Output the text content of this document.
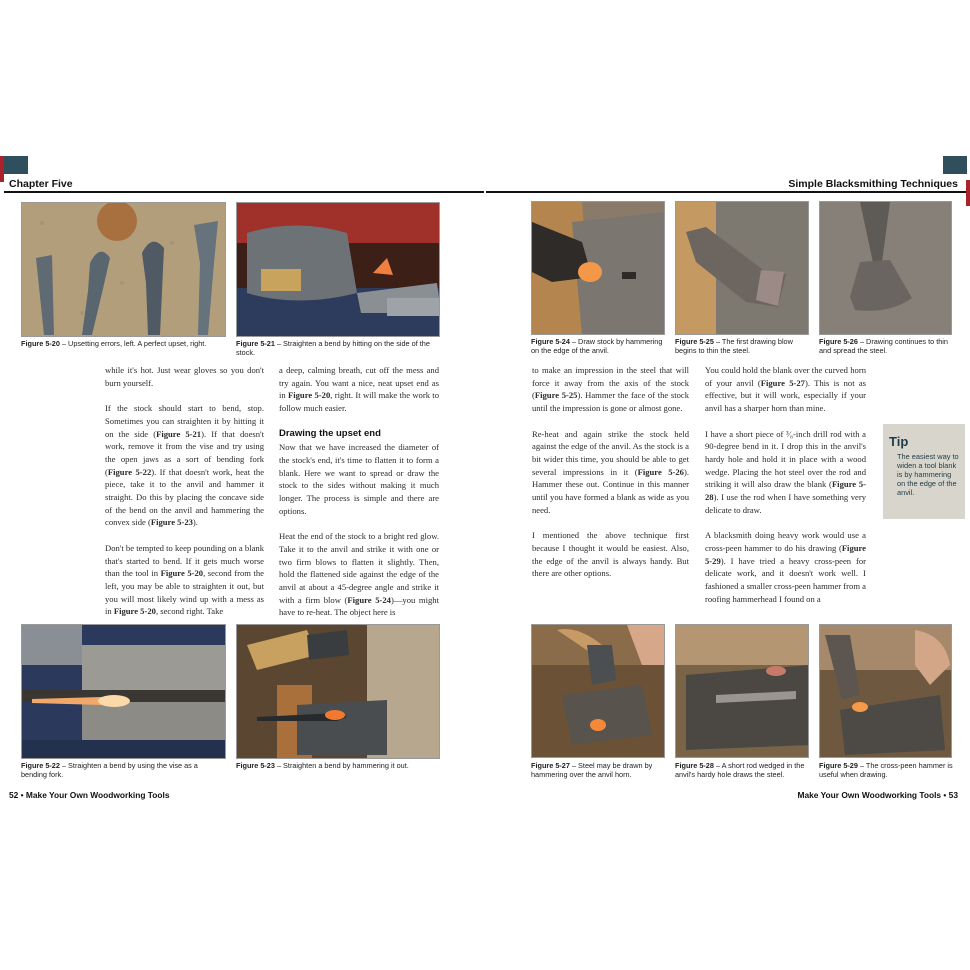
Chapter Five	Simple Blacksmithing Techniques
Figure 5-20 – Upsetting errors, left. A perfect upset, right.	Figure 5-21 – Straighten a bend by hitting on the side of the stock.

while it's hot. Just wear gloves so you don't burn yourself.

If the stock should start to bend, stop. Sometimes you can straighten it by hitting it on the side (Figure 5-21). If that doesn't work, remove it from the vise and try using the open jaws as a sort of bending fork (Figure 5-22). If that doesn't work, heat the piece, take it to the anvil and hammer it straight. Do this by placing the concave side of the bend on the anvil and hammering the convex side (Figure 5-23).

Don't be tempted to keep pounding on a blank that's started to bend. If it gets much worse than the tool in Figure 5-20, second from the left, you may be able to straighten it out, but you will most likely wind up with a mess as in Figure 5-20, second right. Take

a deep, calming breath, cut off the mess and try again. You want a nice, neat upset end as in Figure 5-20, right. It will make the work to follow much easier.

Drawing the upset end

Now that we have increased the diameter of the stock's end, it's time to flatten it to form a blank. Here we want to spread or draw the stock to the sides without making it much longer. The process is simple and there are options.

Heat the end of the stock to a bright red glow. Take it to the anvil and strike it with one or two firm blows to flatten it slightly. Then, hold the flattened side against the edge of the anvil at about a 45-degree angle and strike it with a firm blow (Figure 5-24)—you might have to re-heat. The object here is

Figure 5-22 – Straighten a bend by using the vise as a bending fork.
Figure 5-23 – Straighten a bend by hammering it out.
Figure 5-24 – Draw stock by hammering on the edge of the anvil.
Figure 5-25 – The first drawing blow begins to thin the steel.
Figure 5-26 – Drawing continues to thin and spread the steel.

to make an impression in the steel that will force it away from the axis of the stock (Figure 5-25). Hammer the face of the stock until the impression is gone or almost gone.

Re-heat and again strike the stock held against the edge of the anvil. As the stock is a bit wider this time, you should be able to get several impressions in it (Figure 5-26). Hammer these out. Continue in this manner until you have formed a blank as wide as you need.

I mentioned the above technique first because I thought it would be easiest. Also, the edge of the anvil is always handy. But there are other options.

You could hold the blank over the curved horn of your anvil (Figure 5-27). This is not as effective, but it will work, especially if your anvil has a sharper horn than mine.

I have a short piece of ³⁄₈-inch drill rod with a 90-degree bend in it. I drop this in the anvil's hardy hole and hold it in place with a wood wedge. Placing the hot steel over the rod and striking it will also draw the blank (Figure 5-28). I use the rod when I have something very delicate to draw.

A blacksmith doing heavy work would use a cross-peen hammer to do his drawing (Figure 5-29). I have tried a heavy cross-peen for delicate work, and it doesn't work well. I fashioned a smaller cross-peen hammer from a roofing hammerhead I found on a

Tip
The easiest way to widen a tool blank is by hammering on the edge of the anvil.
Figure 5-27 – Steel may be drawn by hammering over the anvil horn.
Figure 5-28 – A short rod wedged in the anvil's hardy hole draws the steel.
Figure 5-29 – The cross-peen hammer is useful when drawing.
52 • Make Your Own Woodworking Tools	Make Your Own Woodworking Tools • 53
